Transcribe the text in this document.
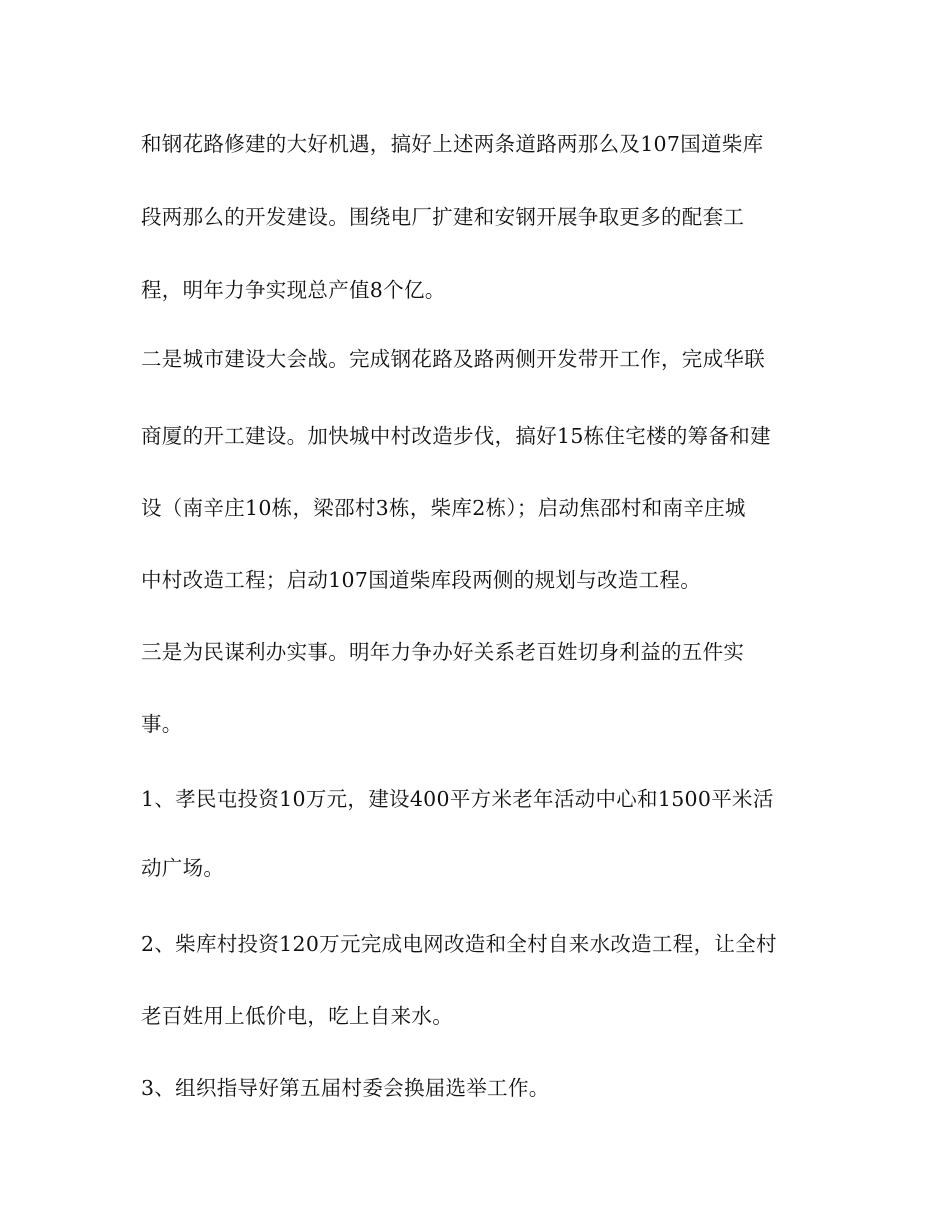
和钢花路修建的大好机遇，搞好上述两条道路两那么及107国道柴库
段两那么的开发建设。围绕电厂扩建和安钢开展争取更多的配套工
程，明年力争实现总产值8个亿。
二是城市建设大会战。完成钢花路及路两侧开发带开工作，完成华联
商厦的开工建设。加快城中村改造步伐，搞好15栋住宅楼的筹备和建
设（南辛庄10栋，梁邵村3栋，柴库2栋）；启动焦邵村和南辛庄城
中村改造工程；启动107国道柴库段两侧的规划与改造工程。
三是为民谋利办实事。明年力争办好关系老百姓切身利益的五件实
事。
1、孝民屯投资10万元，建设400平方米老年活动中心和1500平米活
动广场。
2、柴库村投资120万元完成电网改造和全村自来水改造工程，让全村
老百姓用上低价电，吃上自来水。
3、组织指导好第五届村委会换届选举工作。
